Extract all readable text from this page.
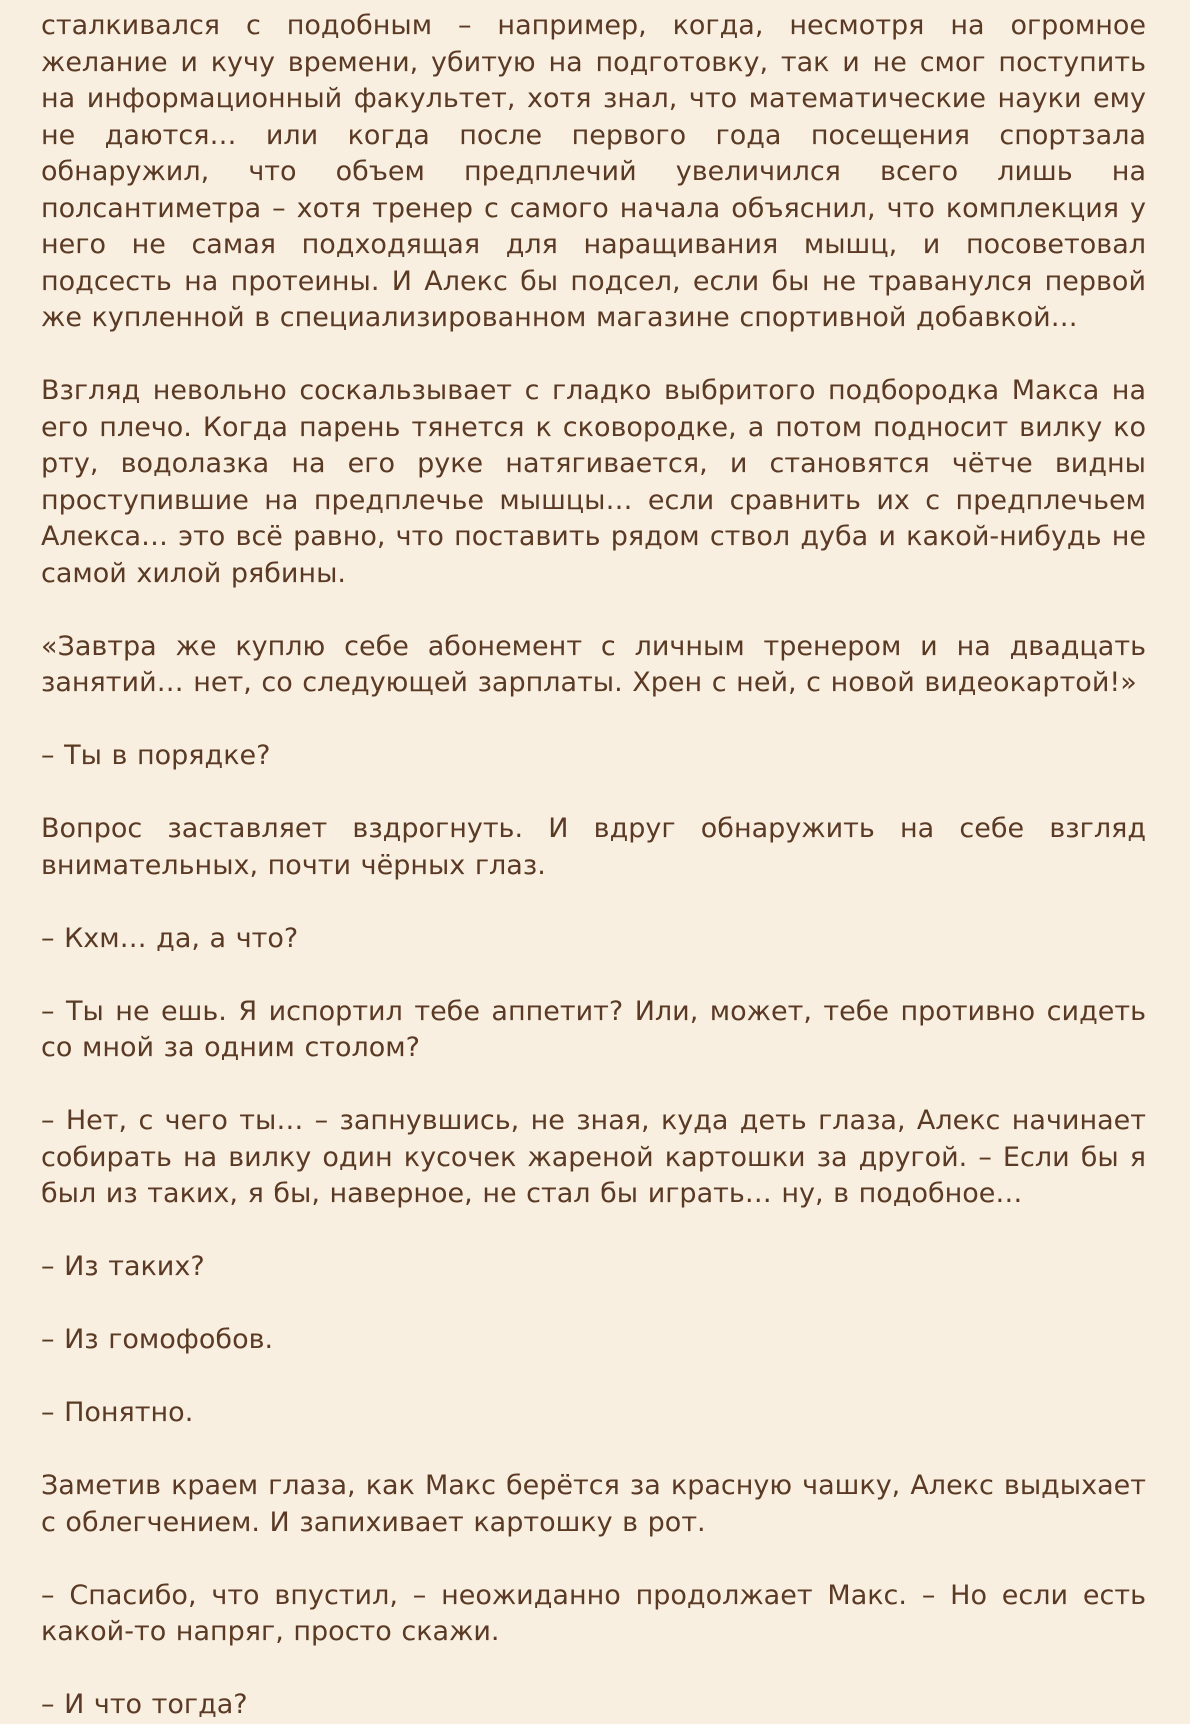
сталкивался с подобным – например, когда, несмотря на огромное желание и кучу времени, убитую на подготовку, так и не смог поступить на информационный факультет, хотя знал, что математические науки ему не даются… или когда после первого года посещения спортзала обнаружил, что объем предплечий увеличился всего лишь на полсантиметра – хотя тренер с самого начала объяснил, что комплекция у него не самая подходящая для наращивания мышц, и посоветовал подсесть на протеины. И Алекс бы подсел, если бы не траванулся первой же купленной в специализированном магазине спортивной добавкой…

Взгляд невольно соскальзывает с гладко выбритого подбородка Макса на его плечо. Когда парень тянется к сковородке, а потом подносит вилку ко рту, водолазка на его руке натягивается, и становятся чётче видны проступившие на предплечье мышцы… если сравнить их с предплечьем Алекса… это всё равно, что поставить рядом ствол дуба и какой-нибудь не самой хилой рябины.

«Завтра же куплю себе абонемент с личным тренером и на двадцать занятий… нет, со следующей зарплаты. Хрен с ней, с новой видеокартой!»

– Ты в порядке?

Вопрос заставляет вздрогнуть. И вдруг обнаружить на себе взгляд внимательных, почти чёрных глаз.

– Кхм… да, а что?

– Ты не ешь. Я испортил тебе аппетит? Или, может, тебе противно сидеть со мной за одним столом?

– Нет, с чего ты… – запнувшись, не зная, куда деть глаза, Алекс начинает собирать на вилку один кусочек жареной картошки за другой. – Если бы я был из таких, я бы, наверное, не стал бы играть… ну, в подобное…

– Из таких?

– Из гомофобов.

– Понятно.

Заметив краем глаза, как Макс берётся за красную чашку, Алекс выдыхает с облегчением. И запихивает картошку в рот.

– Спасибо, что впустил, – неожиданно продолжает Макс. – Но если есть какой-то напряг, просто скажи.

– И что тогда?
